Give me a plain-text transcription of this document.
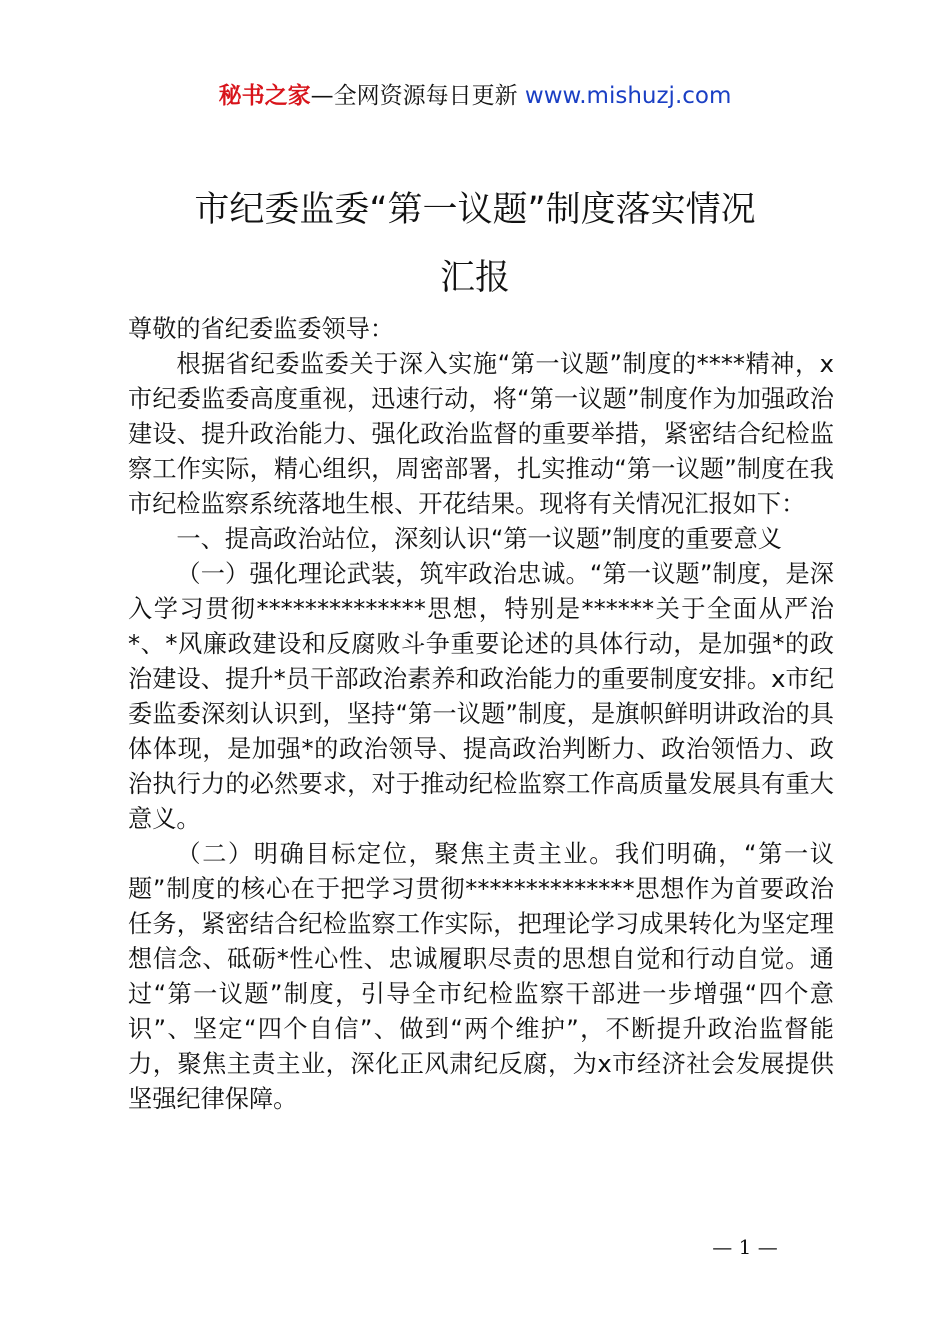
秘书之家—全网资源每日更新 www.mishuzj.com
市纪委监委“第一议题”制度落实情况
汇报

尊敬的省纪委监委领导：

根据省纪委监委关于深入实施“第一议题”制度的****精神，x市纪委监委高度重视，迅速行动，将“第一议题”制度作为加强政治建设、提升政治能力、强化政治监督的重要举措，紧密结合纪检监察工作实际，精心组织，周密部署，扎实推动“第一议题”制度在我市纪检监察系统落地生根、开花结果。现将有关情况汇报如下：

一、提高政治站位，深刻认识“第一议题”制度的重要意义

（一）强化理论武装，筑牢政治忠诚。“第一议题”制度，是深入学习贯彻**************思想，特别是******关于全面从严治*、*风廉政建设和反腐败斗争重要论述的具体行动，是加强*的政治建设、提升*员干部政治素养和政治能力的重要制度安排。x市纪委监委深刻认识到，坚持“第一议题”制度，是旗帜鲜明讲政治的具体体现，是加强*的政治领导、提高政治判断力、政治领悟力、政治执行力的必然要求，对于推动纪检监察工作高质量发展具有重大意义。

（二）明确目标定位，聚焦主责主业。我们明确，“第一议题”制度的核心在于把学习贯彻**************思想作为首要政治任务，紧密结合纪检监察工作实际，把理论学习成果转化为坚定理想信念、砥砺*性心性、忠诚履职尽责的思想自觉和行动自觉。通过“第一议题”制度，引导全市纪检监察干部进一步增强“四个意识”、坚定“四个自信”、做到“两个维护”，不断提升政治监督能力，聚焦主责主业，深化正风肃纪反腐，为x市经济社会发展提供坚强纪律保障。

— 1 —
